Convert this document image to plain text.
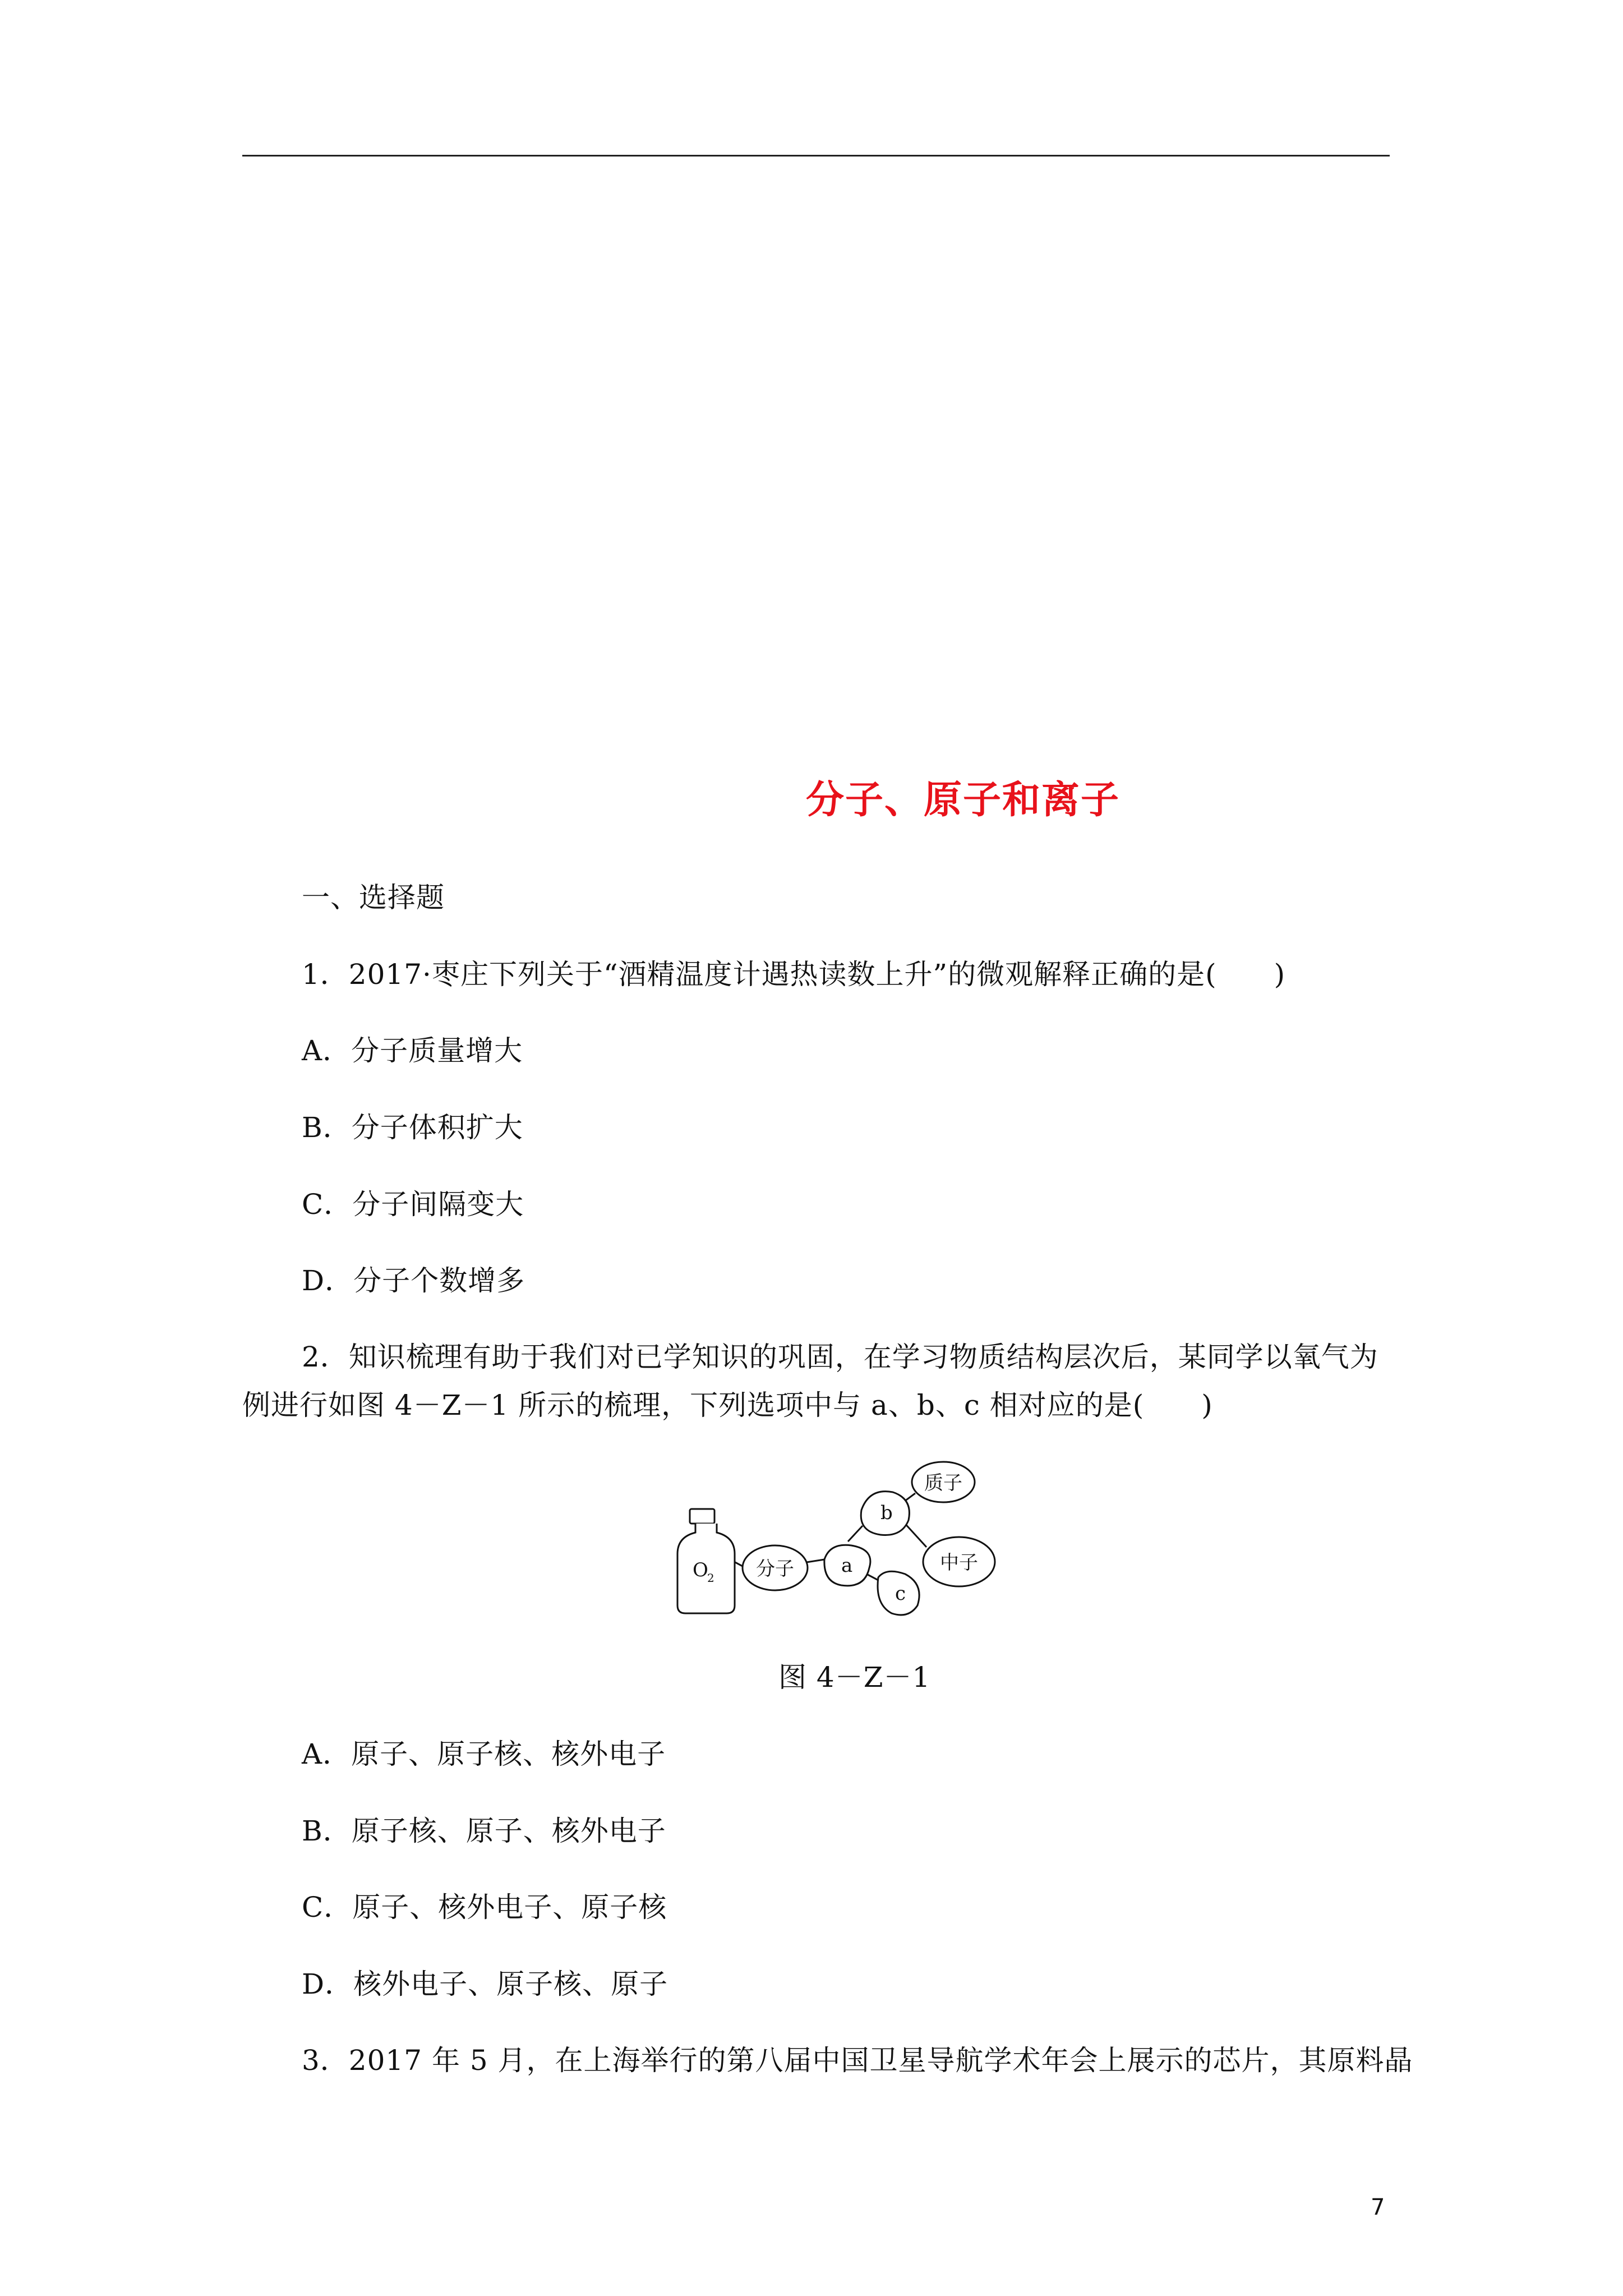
分子、原子和离子
一、选择题
1．2017·枣庄下列关于“酒精温度计遇热读数上升”的微观解释正确的是(　　)
A．分子质量增大
B．分子体积扩大
C．分子间隔变大
D．分子个数增多
2．知识梳理有助于我们对已学知识的巩固，在学习物质结构层次后，某同学以氧气为
例进行如图 4－Z－1 所示的梳理，下列选项中与 a、b、c 相对应的是(　　)
O
2 分子 a
b
c
质子
中子
图 4－Z－1
A．原子、原子核、核外电子
B．原子核、原子、核外电子
C．原子、核外电子、原子核
D．核外电子、原子核、原子
3．2017 年 5 月，在上海举行的第八届中国卫星导航学术年会上展示的芯片，其原料晶
7
